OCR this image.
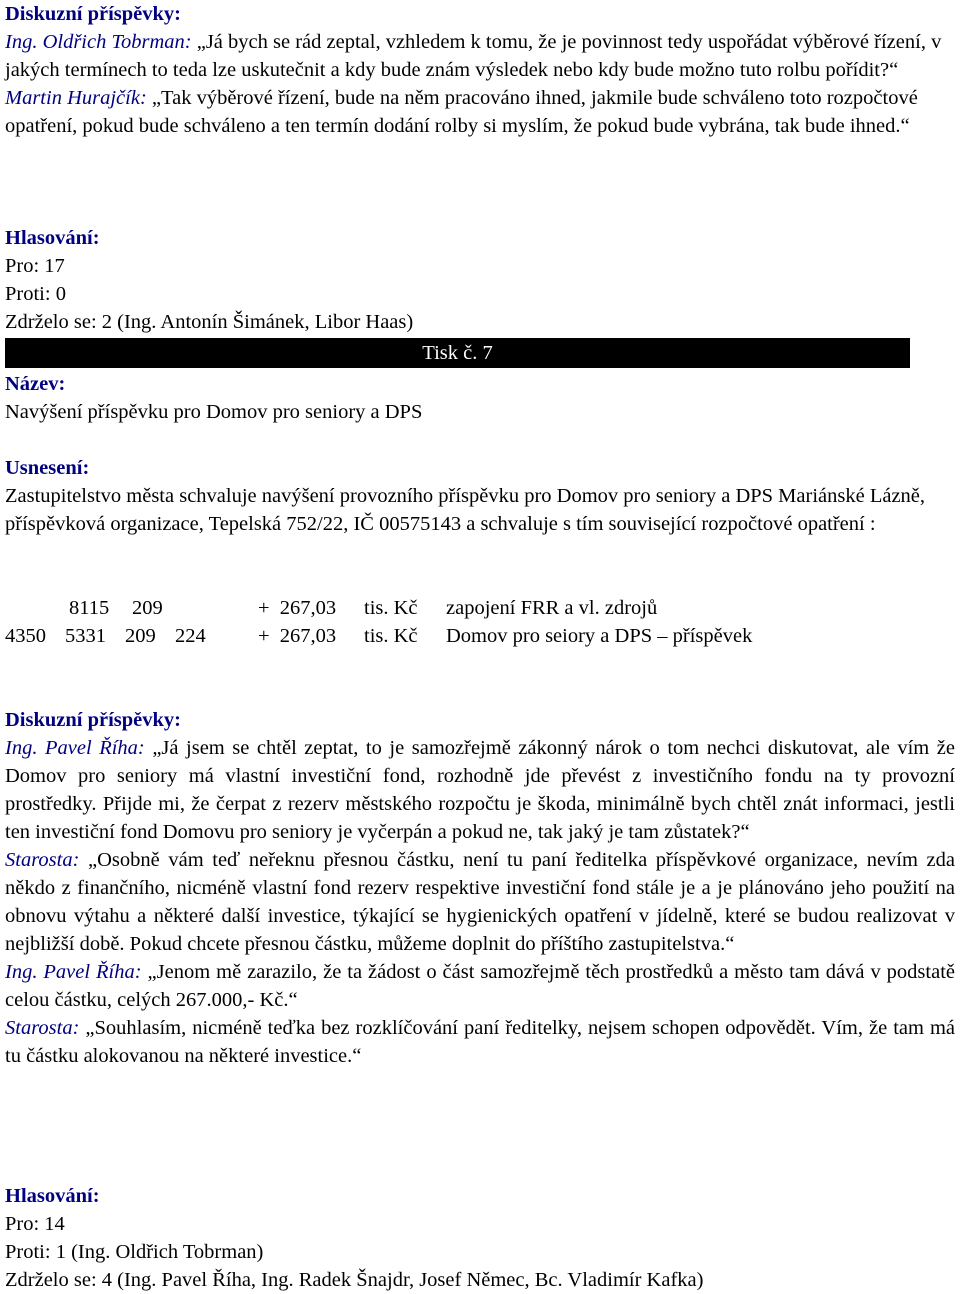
Diskuzní příspěvky:
Ing. Oldřich Tobrman: „Já bych se rád zeptal, vzhledem k tomu, že je povinnost tedy uspořádat výběrové řízení, v jakých termínech to teda lze uskutečnit a kdy bude znám výsledek nebo kdy bude možno tuto rolbu pořídit?“
Martin Hurajčík: „Tak výběrové řízení, bude na něm pracováno ihned, jakmile bude schváleno toto rozpočtové opatření, pokud bude schváleno a ten termín dodání rolby si myslím, že pokud bude vybrána, tak bude ihned.“
Hlasování:
Pro: 17
Proti: 0
Zdrželo se: 2 (Ing. Antonín Šimánek, Libor Haas)
Tisk č. 7
Název:
Navýšení příspěvku pro Domov pro seniory a DPS
Usnesení:
Zastupitelstvo města schvaluje navýšení provozního příspěvku pro Domov pro seniory a DPS Mariánské Lázně, příspěvková organizace, Tepelská 752/22, IČ 00575143 a schvaluje s tím související rozpočtové opatření :
8115 209	+  267,03 tis. Kč zapojení FRR a vl. zdrojů
4350 5331 209 224	+  267,03 tis. Kč Domov pro seiory a DPS – příspěvek
Diskuzní příspěvky:
Ing. Pavel Říha: „Já jsem se chtěl zeptat, to je samozřejmě zákonný nárok o tom nechci diskutovat, ale vím že Domov pro seniory má vlastní investiční fond, rozhodně jde převést z investičního fondu na ty provozní prostředky. Přijde mi, že čerpat z rezerv městského rozpočtu je škoda, minimálně bych chtěl znát informaci, jestli ten investiční fond Domovu pro seniory je vyčerpán a pokud ne, tak jaký je tam zůstatek?“
Starosta: „Osobně vám teď neřeknu přesnou částku, není tu paní ředitelka příspěvkové organizace, nevím zda někdo z finančního, nicméně vlastní fond rezerv respektive investiční fond stále je a je plánováno jeho použití na obnovu výtahu a některé další investice, týkající se hygienických opatření v jídelně, které se budou realizovat v nejbližší době. Pokud chcete přesnou částku, můžeme doplnit do příštího zastupitelstva.“
Ing. Pavel Říha: „Jenom mě zarazilo, že ta žádost o část samozřejmě těch prostředků a město tam dává v podstatě celou částku, celých 267.000,- Kč.“
Starosta: „Souhlasím, nicméně teďka bez rozklíčování paní ředitelky, nejsem schopen odpovědět. Vím, že tam má tu částku alokovanou na některé investice.“
Hlasování:
Pro: 14
Proti: 1 (Ing. Oldřich Tobrman)
Zdrželo se: 4 (Ing. Pavel Říha, Ing. Radek Šnajdr, Josef Němec, Bc. Vladimír Kafka)
